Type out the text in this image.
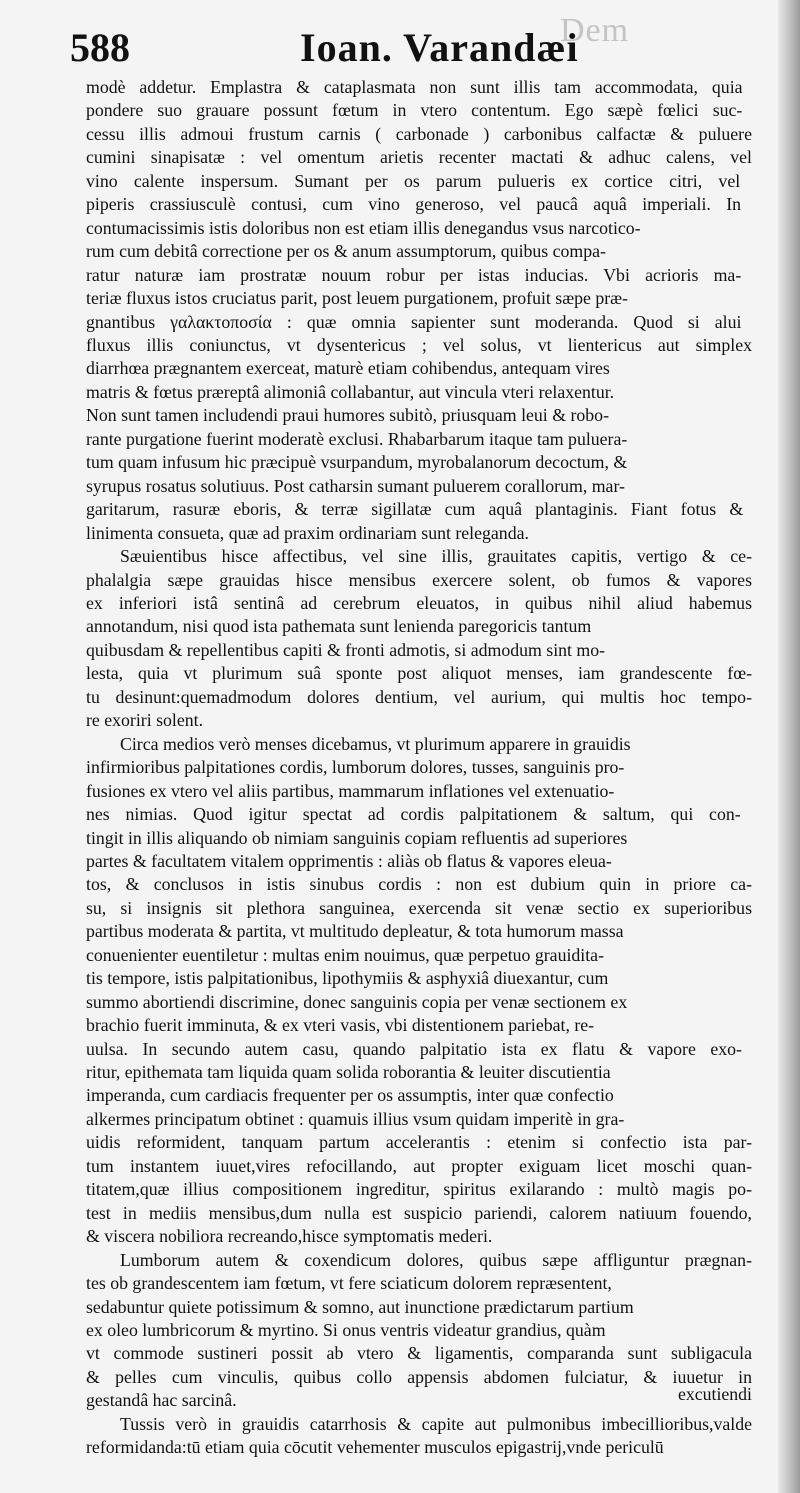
Dem
588	Ioan. Varandæi

modè addetur. Emplastra & cataplasmata non sunt illis tam accommodata, quia
pondere suo grauare possunt fœtum in vtero contentum. Ego sæpè fœlici suc-
cessu illis admoui frustum carnis ( carbonade ) carbonibus calfactæ & puluere
cumini sinapisatæ : vel omentum arietis recenter mactati & adhuc calens, vel
vino calente inspersum. Sumant per os parum pulueris ex cortice citri, vel
piperis crassiusculè contusi, cum vino generoso, vel paucâ aquâ imperiali. In
contumacissimis istis doloribus non est etiam illis denegandus vsus narcotico-
rum cum debitâ correctione per os & anum assumptorum, quibus compa-
ratur naturæ iam prostratæ nouum robur per istas inducias. Vbi acrioris ma-
teriæ fluxus istos cruciatus parit, post leuem purgationem, profuit sæpe præ-
gnantibus γαλακτοποσία : quæ omnia sapienter sunt moderanda. Quod si alui
fluxus illis coniunctus, vt dysentericus ; vel solus, vt lientericus aut simplex
diarrhœa prægnantem exerceat, maturè etiam cohibendus, antequam vires
matris & fœtus præreptâ alimoniâ collabantur, aut vincula vteri relaxentur.
Non sunt tamen includendi praui humores subitò, priusquam leui & robo-
rante purgatione fuerint moderatè exclusi. Rhabarbarum itaque tam puluera-
tum quam infusum hic præcipuè vsurpandum, myrobalanorum decoctum, &
syrupus rosatus solutiuus. Post catharsin sumant puluerem corallorum, mar-
garitarum, rasuræ eboris, & terræ sigillatæ cum aquâ plantaginis. Fiant fotus &
linimenta consueta, quæ ad praxim ordinariam sunt releganda.

Sæuientibus hisce affectibus, vel sine illis, grauitates capitis, vertigo & ce-
phalalgia sæpe grauidas hisce mensibus exercere solent, ob fumos & vapores
ex inferiori istâ sentinâ ad cerebrum eleuatos, in quibus nihil aliud habemus
annotandum, nisi quod ista pathemata sunt lenienda paregoricis tantum
quibusdam & repellentibus capiti & fronti admotis, si admodum sint mo-
lesta, quia vt plurimum suâ sponte post aliquot menses, iam grandescente fœ-
tu desinunt:quemadmodum dolores dentium, vel aurium, qui multis hoc tempo-
re exoriri solent.

Circa medios verò menses dicebamus, vt plurimum apparere in grauidis
infirmioribus palpitationes cordis, lumborum dolores, tusses, sanguinis pro-
fusiones ex vtero vel aliis partibus, mammarum inflationes vel extenuatio-
nes nimias. Quod igitur spectat ad cordis palpitationem & saltum, qui con-
tingit in illis aliquando ob nimiam sanguinis copiam refluentis ad superiores
partes & facultatem vitalem opprimentis : aliàs ob flatus & vapores eleua-
tos, & conclusos in istis sinubus cordis : non est dubium quin in priore ca-
su, si insignis sit plethora sanguinea, exercenda sit venæ sectio ex superioribus
partibus moderata & partita, vt multitudo depleatur, & tota humorum massa
conuenienter euentiletur : multas enim nouimus, quæ perpetuo grauidita-
tis tempore, istis palpitationibus, lipothymiis & asphyxiâ diuexantur, cum
summo abortiendi discrimine, donec sanguinis copia per venæ sectionem ex
brachio fuerit imminuta, & ex vteri vasis, vbi distentionem pariebat, re-
uulsa. In secundo autem casu, quando palpitatio ista ex flatu & vapore exo-
ritur, epithemata tam liquida quam solida roborantia & leuiter discutientia
imperanda, cum cardiacis frequenter per os assumptis, inter quæ confectio
alkermes principatum obtinet : quamuis illius vsum quidam imperitè in gra-
uidis reformident, tanquam partum accelerantis : etenim si confectio ista par-
tum instantem iuuet,vires refocillando, aut propter exiguam licet moschi quan-
titatem,quæ illius compositionem ingreditur, spiritus exilarando : multò magis po-
test in mediis mensibus,dum nulla est suspicio pariendi, calorem natiuum fouendo,
& viscera nobiliora recreando,hisce symptomatis mederi.

Lumborum autem & coxendicum dolores, quibus sæpe affliguntur prægnan-
tes ob grandescentem iam fœtum, vt fere sciaticum dolorem repræsentent,
sedabuntur quiete potissimum & somno, aut inunctione prædictarum partium
ex oleo lumbricorum & myrtino. Si onus ventris videatur grandius, quàm
vt commode sustineri possit ab vtero & ligamentis, comparanda sunt subligacula
& pelles cum vinculis, quibus collo appensis abdomen fulciatur, & iuuetur in
gestandâ hac sarcinâ.

Tussis verò in grauidis catarrhosis & capite aut pulmonibus imbecillioribus,valde
reformidanda:tū etiam quia cōcutit vehementer musculos epigastrij,vnde periculū

excutiendi
